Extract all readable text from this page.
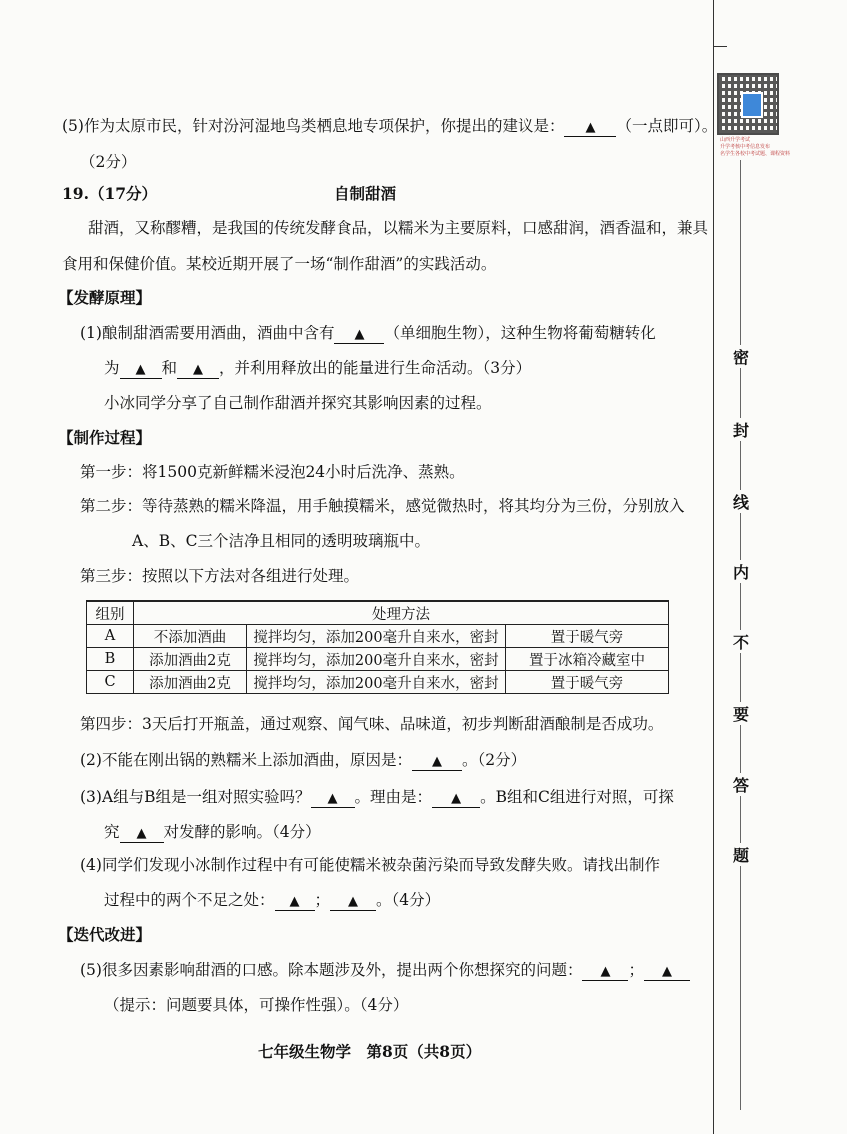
山西升学考试
升学考核中考信息发布
名学生各校中考试题、课程资料
密
封
线
内
不
要
答
题
(5)作为太原市民，针对汾河湿地鸟类栖息地专项保护，你提出的建议是： ▲ （一点即可）。
（2分）
19.（17分）	自制甜酒
甜酒，又称醪糟，是我国的传统发酵食品，以糯米为主要原料，口感甜润，酒香温和，兼具
食用和保健价值。某校近期开展了一场“制作甜酒”的实践活动。
【发酵原理】
(1)酿制甜酒需要用酒曲，酒曲中含有 ▲ （单细胞生物），这种生物将葡萄糖转化
为 ▲ 和 ▲ ，并利用释放出的能量进行生命活动。（3分）
小冰同学分享了自己制作甜酒并探究其影响因素的过程。
【制作过程】
第一步：将1500克新鲜糯米浸泡24小时后洗净、蒸熟。
第二步：等待蒸熟的糯米降温，用手触摸糯米，感觉微热时，将其均分为三份，分别放入
A、B、C三个洁净且相同的透明玻璃瓶中。
第三步：按照以下方法对各组进行处理。
组别	处理方法		
A	不添加酒曲	搅拌均匀，添加200毫升自来水，密封	置于暖气旁
B	添加酒曲2克	搅拌均匀，添加200毫升自来水，密封	置于冰箱冷藏室中
C	添加酒曲2克	搅拌均匀，添加200毫升自来水，密封	置于暖气旁
第四步：3天后打开瓶盖，通过观察、闻气味、品味道，初步判断甜酒酿制是否成功。
(2)不能在刚出锅的熟糯米上添加酒曲，原因是： ▲ 。（2分）
(3)A组与B组是一组对照实验吗？ ▲ 。理由是： ▲ 。B组和C组进行对照，可探
究 ▲ 对发酵的影响。（4分）
(4)同学们发现小冰制作过程中有可能使糯米被杂菌污染而导致发酵失败。请找出制作
过程中的两个不足之处： ▲ ； ▲ 。（4分）
【迭代改进】
(5)很多因素影响甜酒的口感。除本题涉及外，提出两个你想探究的问题： ▲ ； ▲
（提示：问题要具体，可操作性强）。（4分）
七年级生物学　第8页（共8页）
